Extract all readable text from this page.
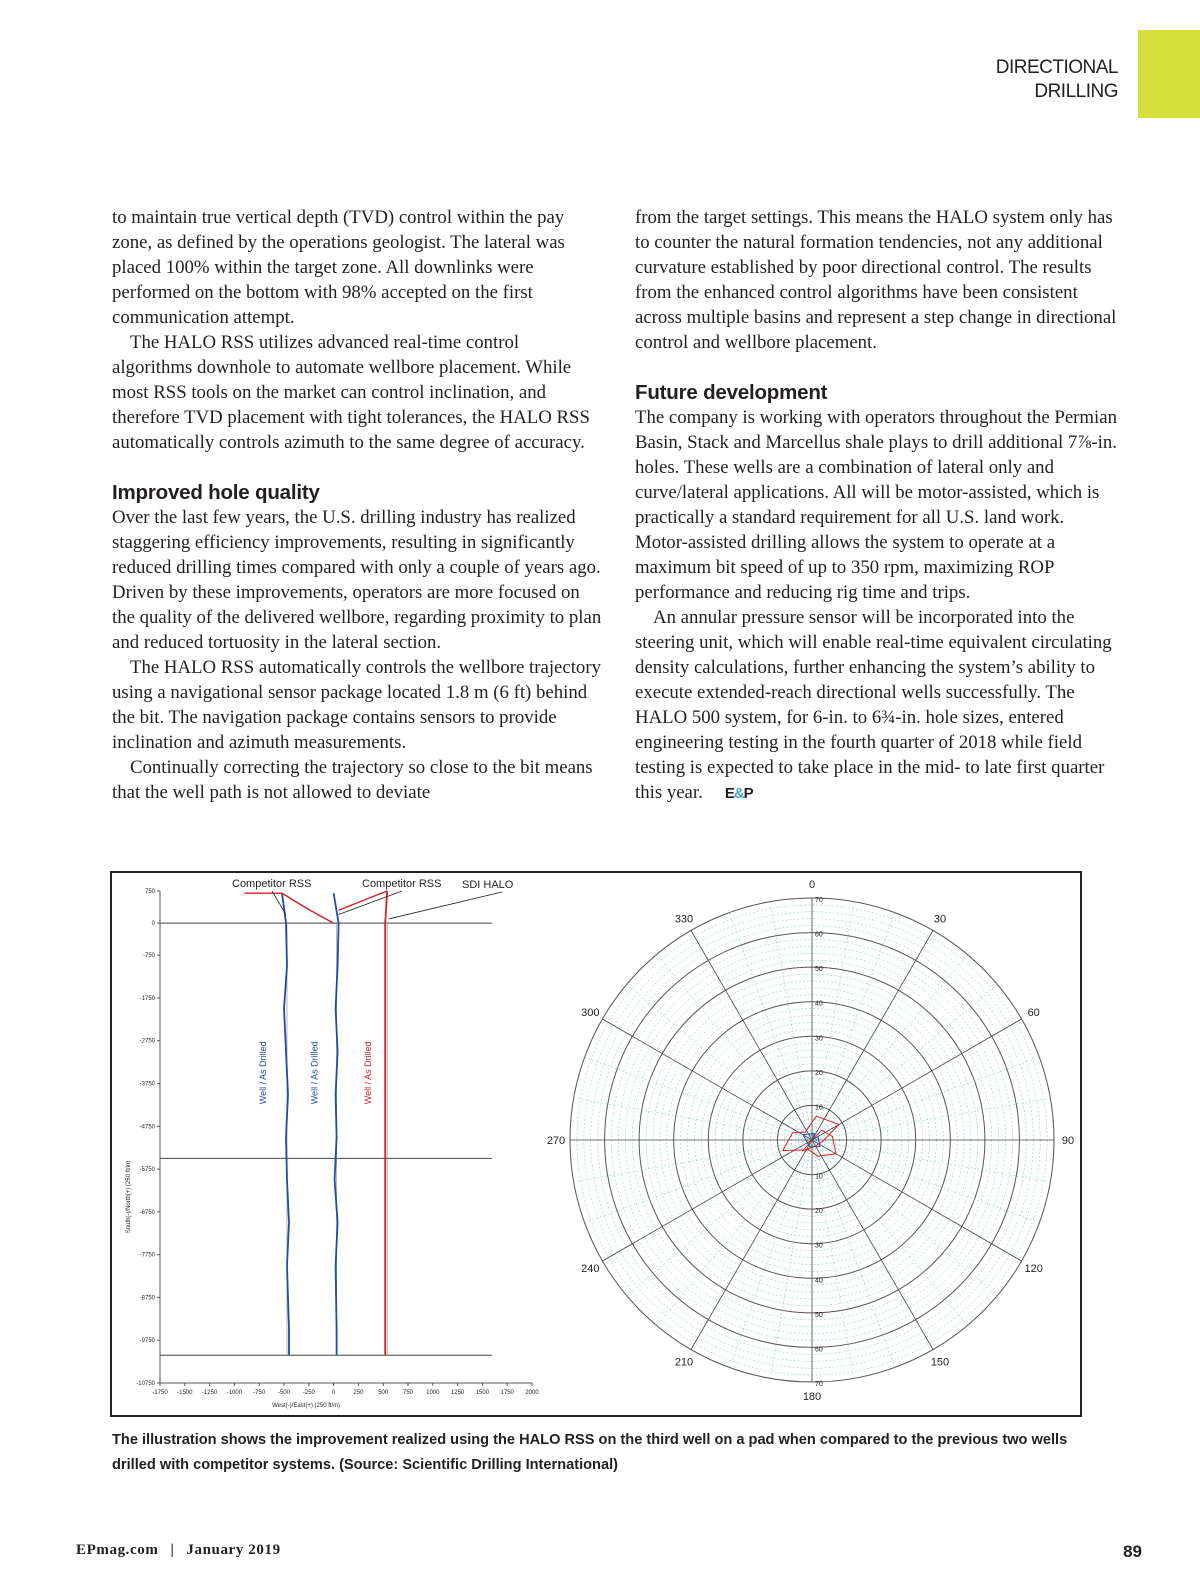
DIRECTIONAL
DRILLING

to maintain true vertical depth (TVD) control within the pay zone, as defined by the operations geologist. The lateral was placed 100% within the target zone. All downlinks were performed on the bottom with 98% accepted on the first communication attempt.

The HALO RSS utilizes advanced real-time control algorithms downhole to automate wellbore placement. While most RSS tools on the market can control inclination, and therefore TVD placement with tight tolerances, the HALO RSS automatically controls azimuth to the same degree of accuracy.

Improved hole quality

Over the last few years, the U.S. drilling industry has realized staggering efficiency improvements, resulting in significantly reduced drilling times compared with only a couple of years ago. Driven by these improvements, operators are more focused on the quality of the delivered wellbore, regarding proximity to plan and reduced tortuosity in the lateral section.

The HALO RSS automatically controls the wellbore trajectory using a navigational sensor package located 1.8 m (6 ft) behind the bit. The navigation package contains sensors to provide inclination and azimuth measurements.

Continually correcting the trajectory so close to the bit means that the well path is not allowed to deviate

from the target settings. This means the HALO system only has to counter the natural formation tendencies, not any additional curvature established by poor directional control. The results from the enhanced control algorithms have been consistent across multiple basins and represent a step change in directional control and wellbore placement.

Future development

The company is working with operators throughout the Permian Basin, Stack and Marcellus shale plays to drill additional 7⅞-in. holes. These wells are a combination of lateral only and curve/lateral applications. All will be motor-assisted, which is practically a standard requirement for all U.S. land work. Motor-assisted drilling allows the system to operate at a maximum bit speed of up to 350 rpm, maximizing ROP performance and reducing rig time and trips.

An annular pressure sensor will be incorporated into the steering unit, which will enable real-time equivalent circulating density calculations, further enhancing the system’s ability to execute extended-reach directional wells successfully. The HALO 500 system, for 6-in. to 6¾-in. hole sizes, entered engineering testing in the fourth quarter of 2018 while field testing is expected to take place in the mid- to late first quarter this year. E&P

750
0
-750
-1750
-2750
-3750
-4750
-5750
-6750
-7750
-8750
-9750
-10750
-1750 -1500 -1250 -1000 -750 -500 -250	0	250 500 750 1000 1250 1500 1750 2000
West(-)/East(+) (250 ft/in)
South(-)/North(+) (250 ft/in)
Well / As Drilled	Well / As Drilled	Well / As Drilled
Competitor RSS	Competitor RSS SDI HALO	0
30
60
90
120
150
180
210
240
270
300
330
10
10
20
20
30
30
40
40
50
50
60
60
70
70
The illustration shows the improvement realized using the HALO RSS on the third well on a pad when compared to the previous two wells drilled with competitor systems. (Source: Scientific Drilling International)
EPmag.com | January 2019	89
